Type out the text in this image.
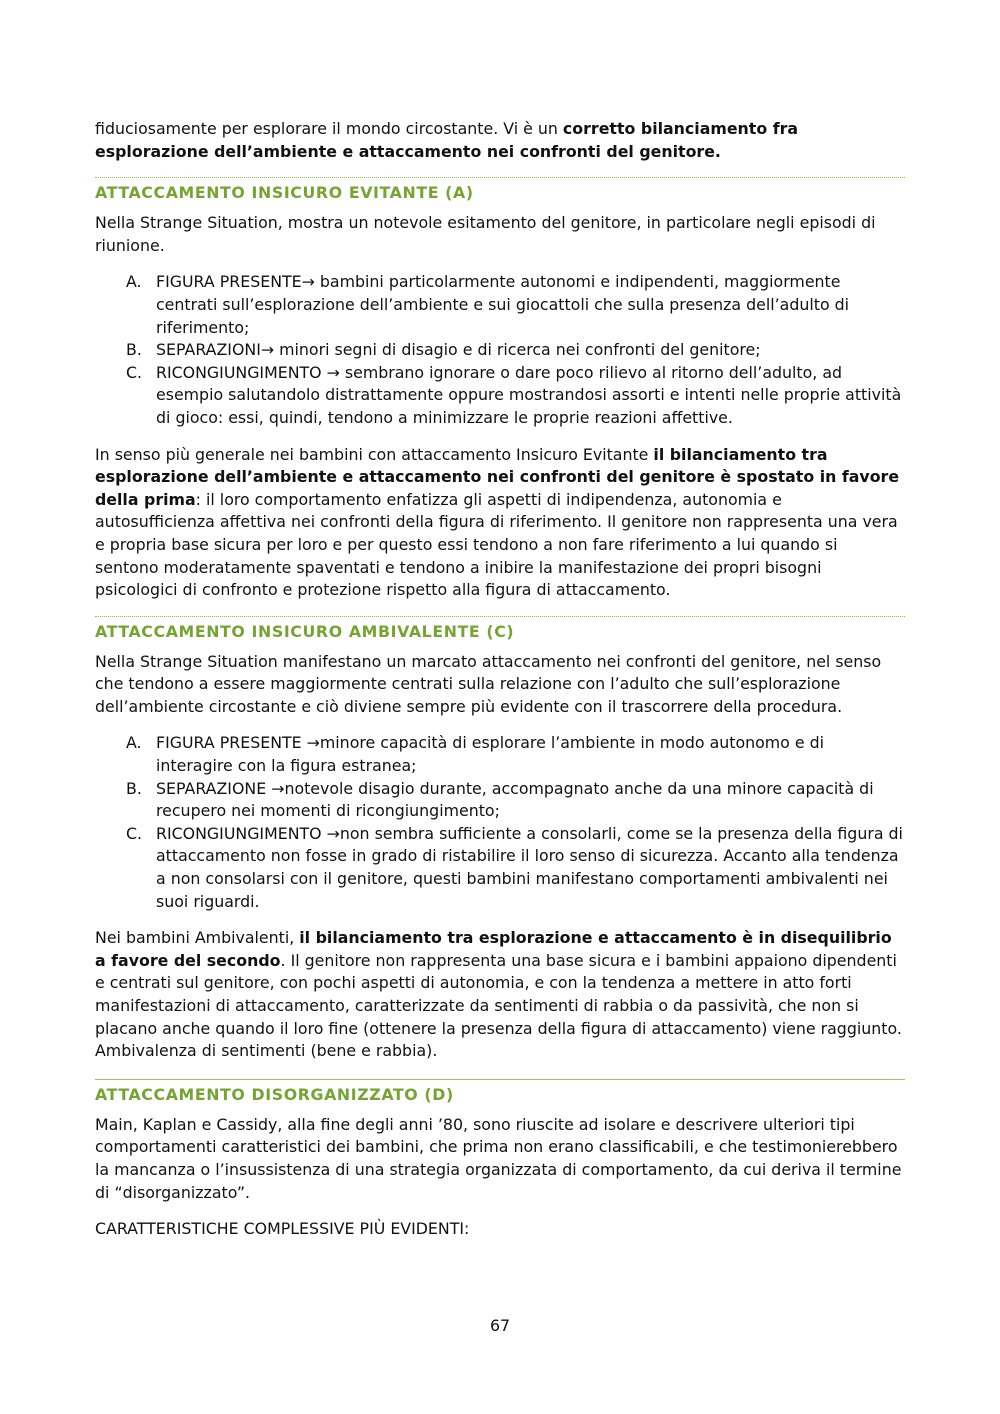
fiduciosamente per esplorare il mondo circostante. Vi è un corretto bilanciamento fra esplorazione dell’ambiente e attaccamento nei confronti del genitore.

ATTACCAMENTO INSICURO EVITANTE (A)

Nella Strange Situation, mostra un notevole esitamento del genitore, in particolare negli episodi di riunione.

A. FIGURA PRESENTE→ bambini particolarmente autonomi e indipendenti, maggiormente centrati sull’esplorazione dell’ambiente e sui giocattoli che sulla presenza dell’adulto di riferimento;
B. SEPARAZIONI→ minori segni di disagio e di ricerca nei confronti del genitore;
C. RICONGIUNGIMENTO → sembrano ignorare o dare poco rilievo al ritorno dell’adulto, ad esempio salutandolo distrattamente oppure mostrandosi assorti e intenti nelle proprie attività di gioco: essi, quindi, tendono a minimizzare le proprie reazioni affettive.

In senso più generale nei bambini con attaccamento Insicuro Evitante il bilanciamento tra esplorazione dell’ambiente e attaccamento nei confronti del genitore è spostato in favore della prima: il loro comportamento enfatizza gli aspetti di indipendenza, autonomia e autosufficienza affettiva nei confronti della figura di riferimento. Il genitore non rappresenta una vera e propria base sicura per loro e per questo essi tendono a non fare riferimento a lui quando si sentono moderatamente spaventati e tendono a inibire la manifestazione dei propri bisogni psicologici di confronto e protezione rispetto alla figura di attaccamento.

ATTACCAMENTO INSICURO AMBIVALENTE (C)

Nella Strange Situation manifestano un marcato attaccamento nei confronti del genitore, nel senso che tendono a essere maggiormente centrati sulla relazione con l’adulto che sull’esplorazione dell’ambiente circostante e ciò diviene sempre più evidente con il trascorrere della procedura.

A. FIGURA PRESENTE →minore capacità di esplorare l’ambiente in modo autonomo e di interagire con la figura estranea;
B. SEPARAZIONE →notevole disagio durante, accompagnato anche da una minore capacità di recupero nei momenti di ricongiungimento;
C. RICONGIUNGIMENTO →non sembra sufficiente a consolarli, come se la presenza della figura di attaccamento non fosse in grado di ristabilire il loro senso di sicurezza. Accanto alla tendenza a non consolarsi con il genitore, questi bambini manifestano comportamenti ambivalenti nei suoi riguardi.

Nei bambini Ambivalenti, il bilanciamento tra esplorazione e attaccamento è in disequilibrio a favore del secondo. Il genitore non rappresenta una base sicura e i bambini appaiono dipendenti e centrati sul genitore, con pochi aspetti di autonomia, e con la tendenza a mettere in atto forti manifestazioni di attaccamento, caratterizzate da sentimenti di rabbia o da passività, che non si placano anche quando il loro fine (ottenere la presenza della figura di attaccamento) viene raggiunto. Ambivalenza di sentimenti (bene e rabbia).

ATTACCAMENTO DISORGANIZZATO (D)

Main, Kaplan e Cassidy, alla fine degli anni ’80, sono riuscite ad isolare e descrivere ulteriori tipi comportamenti caratteristici dei bambini, che prima non erano classificabili, e che testimonierebbero la mancanza o l’insussistenza di una strategia organizzata di comportamento, da cui deriva il termine di “disorganizzato”.

CARATTERISTICHE COMPLESSIVE PIÙ EVIDENTI:

67
